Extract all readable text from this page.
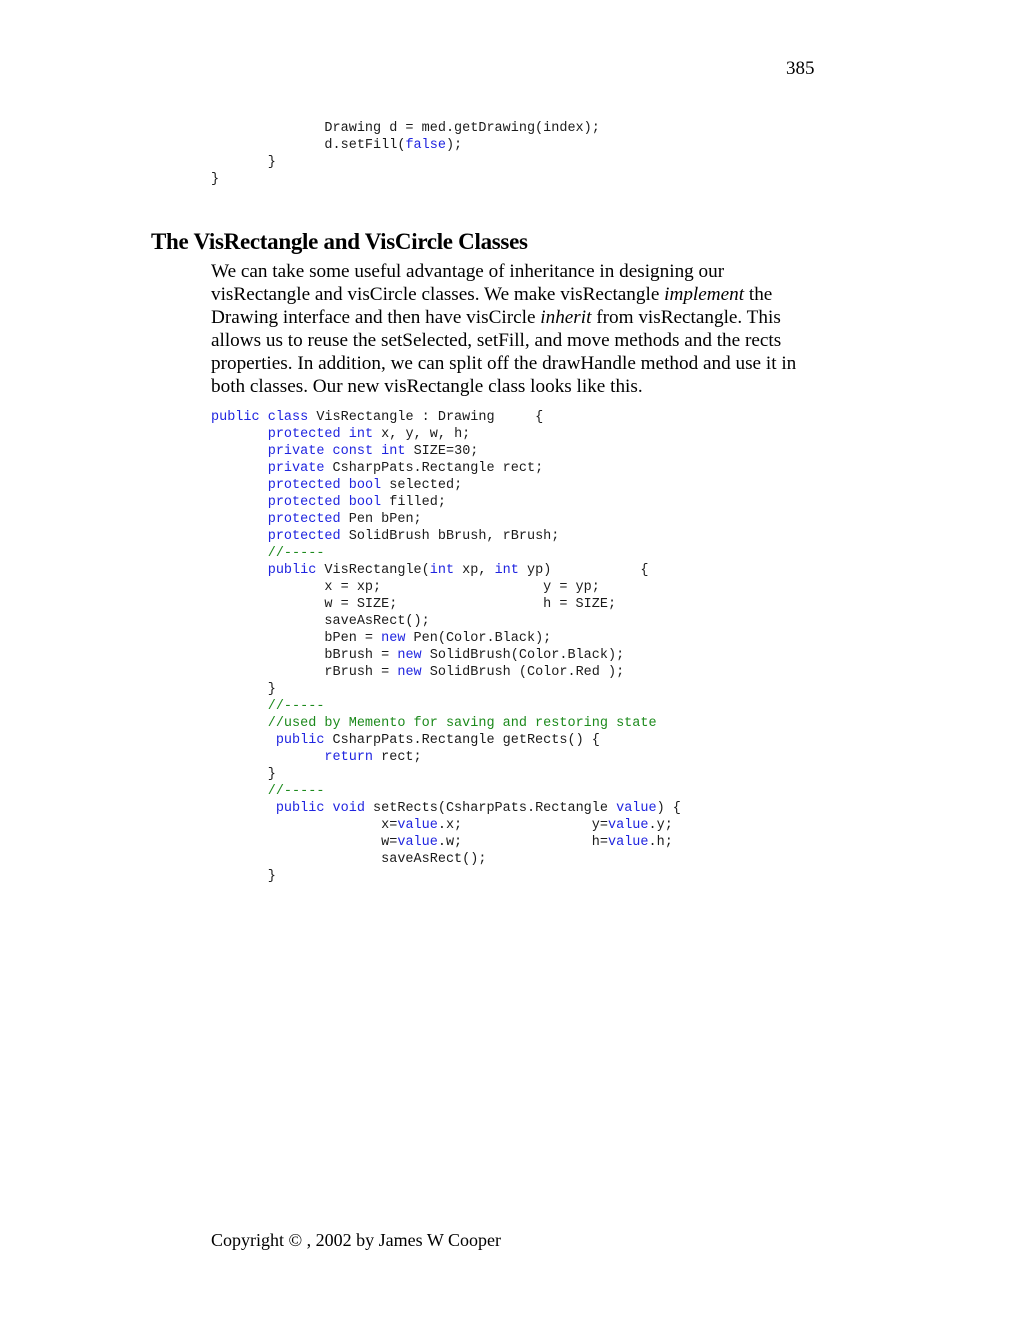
385
Drawing d = med.getDrawing(index);
d.setFill(false);
}
}
The VisRectangle and VisCircle Classes

We can take some useful advantage of inheritance in designing our visRectangle and visCircle classes. We make visRectangle implement the Drawing interface and then have visCircle inherit from visRectangle. This allows us to reuse the setSelected, setFill, and move methods and the rects properties. In addition, we can split off the drawHandle method and use it in both classes. Our new visRectangle class looks like this.

public class VisRectangle : Drawing     {
protected int x, y, w, h;
private const int SIZE=30;
private CsharpPats.Rectangle rect;
protected bool selected;
protected bool filled;
protected Pen bPen;
protected SolidBrush bBrush, rBrush;
//-----
public VisRectangle(int xp, int yp)           {
x = xp;                    y = yp;
w = SIZE;                  h = SIZE;
saveAsRect();
bPen = new Pen(Color.Black);
bBrush = new SolidBrush(Color.Black);
rBrush = new SolidBrush (Color.Red );
}
//-----
//used by Memento for saving and restoring state
public CsharpPats.Rectangle getRects() {
return rect;
}
//-----
public void setRects(CsharpPats.Rectangle value) {
x=value.x;                y=value.y;
w=value.w;                h=value.h;
saveAsRect();
}
Copyright © , 2002 by James W Cooper
